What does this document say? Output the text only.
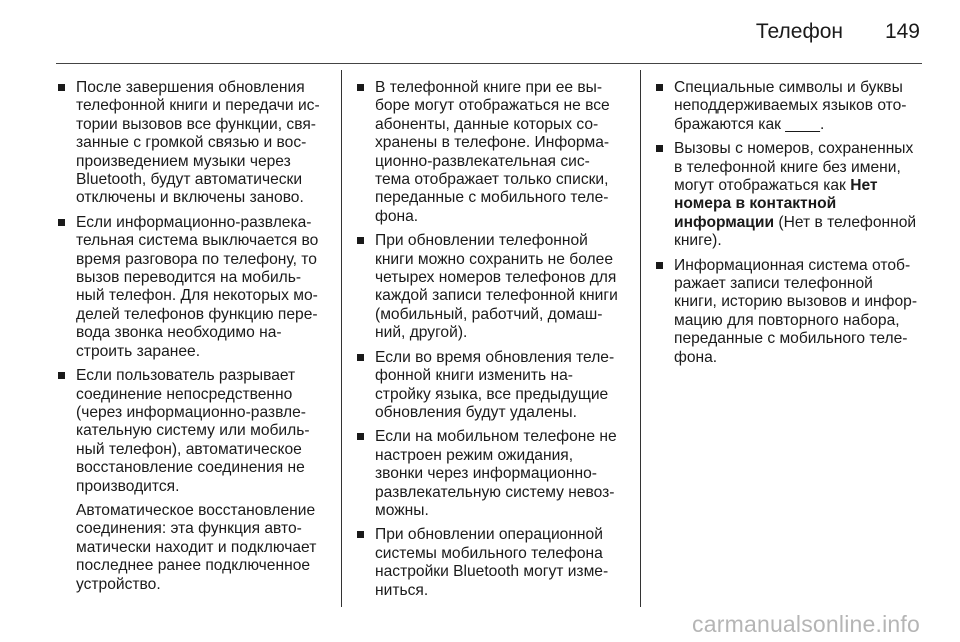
Телефон 149
После завершения обновления
телефонной книги и передачи ис-
тории вызовов все функции, свя-
занные с громкой связью и вос-
произведением музыки через
Bluetooth, будут автоматически
отключены и включены заново.
Если информационно-развлека-
тельная система выключается во
время разговора по телефону, то
вызов переводится на мобиль-
ный телефон. Для некоторых мо-
делей телефонов функцию пере-
вода звонка необходимо на-
строить заранее.
Если пользователь разрывает
соединение непосредственно
(через информационно-развле-
кательную систему или мобиль-
ный телефон), автоматическое
восстановление соединения не
производится.
Автоматическое восстановление
соединения: эта функция авто-
матически находит и подключает
последнее ранее подключенное
устройство.
В телефонной книге при ее вы-
боре могут отображаться не все
абоненты, данные которых со-
хранены в телефоне. Информа-
ционно-развлекательная сис-
тема отображает только списки,
переданные с мобильного теле-
фона.
При обновлении телефонной
книги можно сохранить не более
четырех номеров телефонов для
каждой записи телефонной книги
(мобильный, работчий, домаш-
ний, другой).
Если во время обновления теле-
фонной книги изменить на-
стройку языка, все предыдущие
обновления будут удалены.
Если на мобильном телефоне не
настроен режим ожидания,
звонки через информационно-
развлекательную систему невоз-
можны.
При обновлении операционной
системы мобильного телефона
настройки Bluetooth могут изме-
ниться.
Специальные символы и буквы
неподдерживаемых языков ото-
бражаются как ____.
Вызовы с номеров, сохраненных
в телефонной книге без имени,
могут отображаться как Нет
номера в контактной
информации (Нет в телефонной
книге).
Информационная система отоб-
ражает записи телефонной
книги, историю вызовов и инфор-
мацию для повторного набора,
переданные с мобильного теле-
фона.
carmanualsonline.info
